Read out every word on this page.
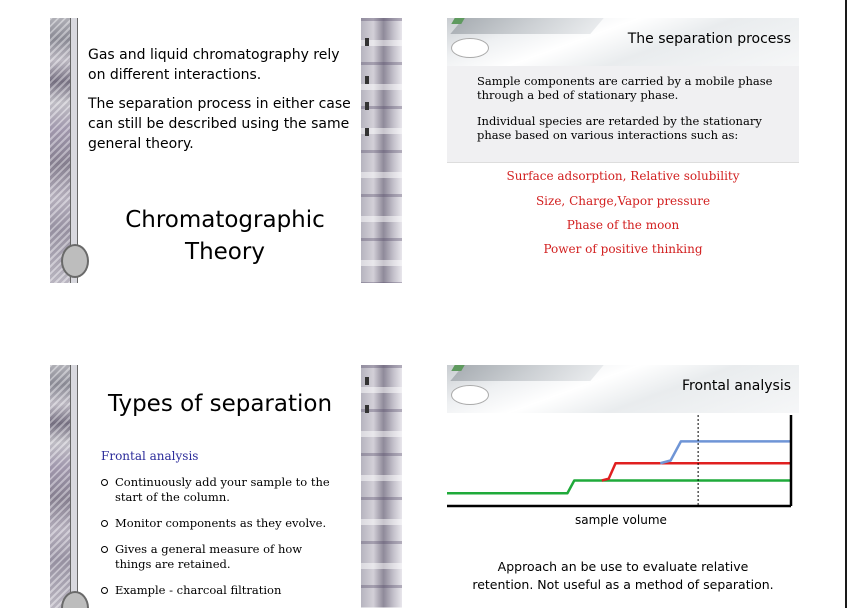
Gas and liquid chromatography rely on different interactions.
The separation process in either case can still be described using the same general theory.
Chromatographic
Theory
The separation process
Sample components are carried by a mobile phase through a bed of stationary phase.
Individual species are retarded by the stationary phase based on various interactions such as:
Surface adsorption, Relative solubility
Size, Charge,Vapor pressure
Phase of the moon
Power of positive thinking
Types of separation
Frontal analysis
Continuously add your sample to the start of the column.
Monitor components as they evolve.
Gives a general measure of how things are retained.
Example - charcoal filtration
Frontal analysis
sample volume
Approach an be use to evaluate relative retention. Not useful as a method of separation.
